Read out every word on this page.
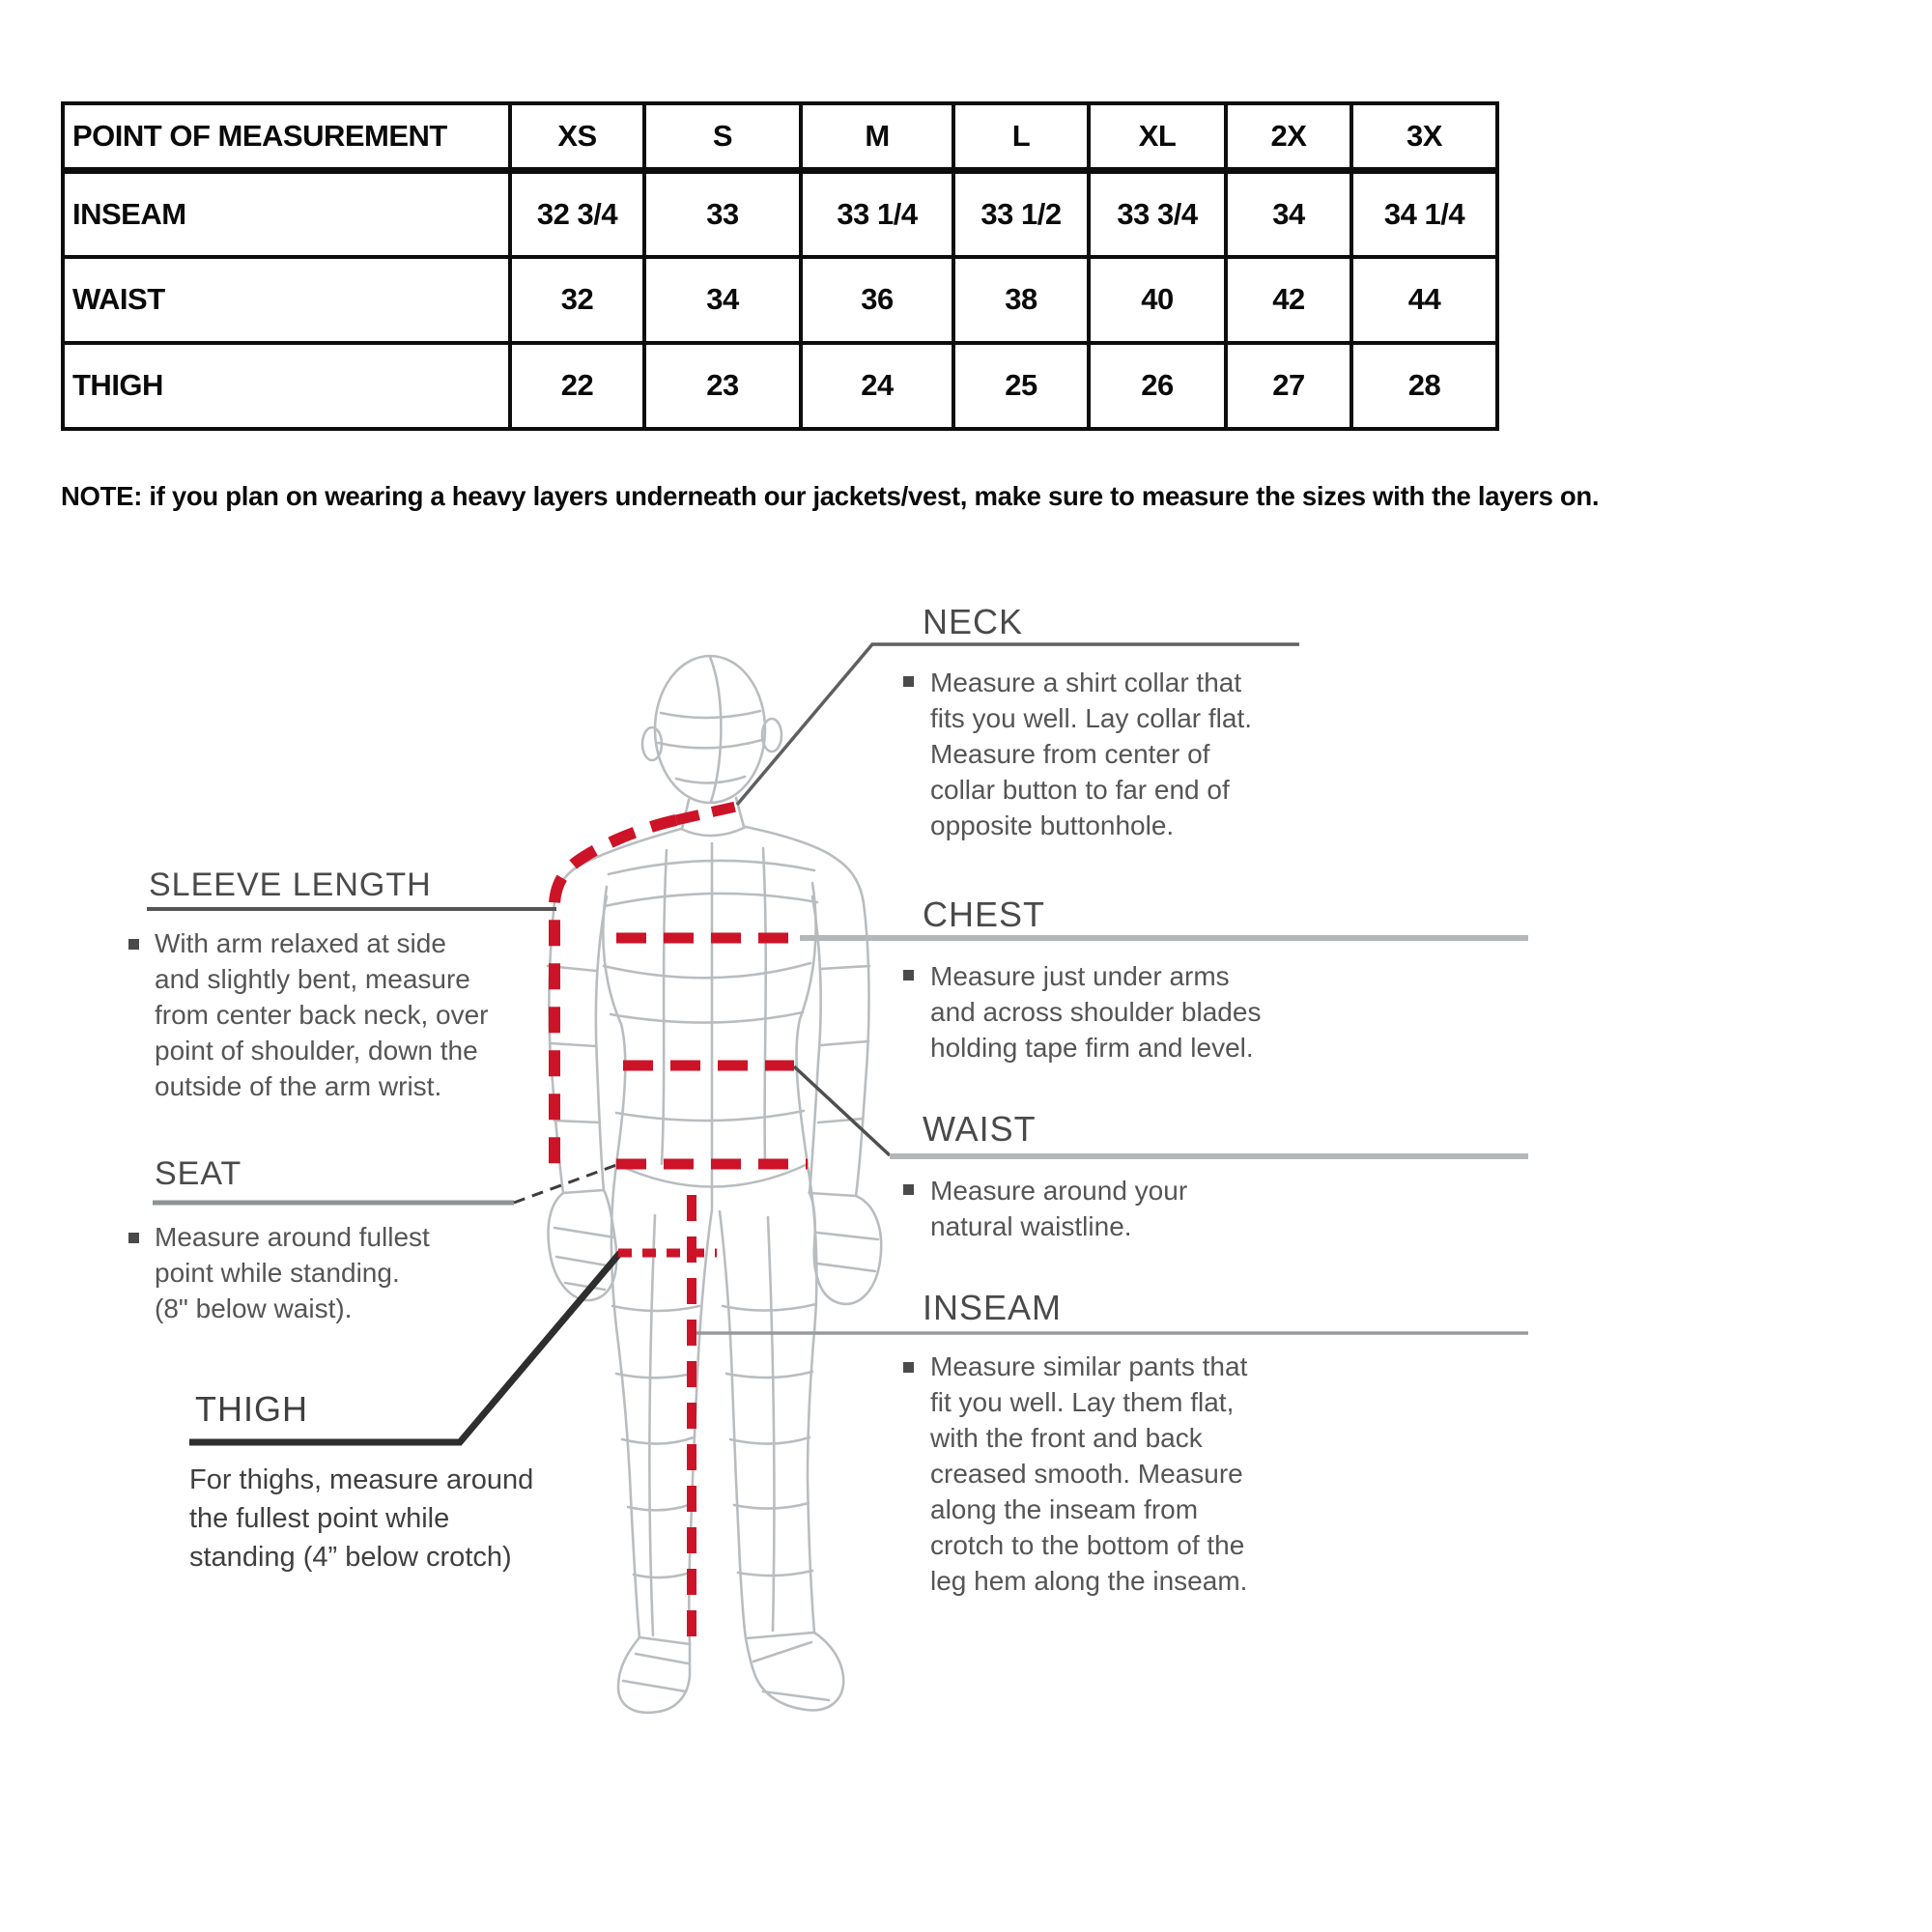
POINT OF MEASUREMENT	XS	S	M	L	XL	2X	3X
INSEAM	32 3/4	33	33 1/4	33 1/2	33 3/4	34	34 1/4
WAIST	32	34	36	38	40	42	44
THIGH	22	23	24	25	26	27	28
NOTE: if you plan on wearing a heavy layers underneath our jackets/vest, make sure to measure the sizes with the layers on.
NECK
Measure a shirt collar that
fits you well. Lay collar flat.
Measure from center of
collar button to far end of
opposite buttonhole.
SLEEVE LENGTH
With arm relaxed at side
and slightly bent, measure
from center back neck, over
point of shoulder, down the
outside of the arm wrist.
CHEST
Measure just under arms
and across shoulder blades
holding tape firm and level.
WAIST
Measure around your
natural waistline.
SEAT
Measure around fullest
point while standing.
(8" below waist).	INSEAM
Measure similar pants that
fit you well. Lay them flat,
with the front and back
creased smooth. Measure
along the inseam from
crotch to the bottom of the
leg hem along the inseam.
THIGH
For thighs, measure around
the fullest point while
standing (4” below crotch)
